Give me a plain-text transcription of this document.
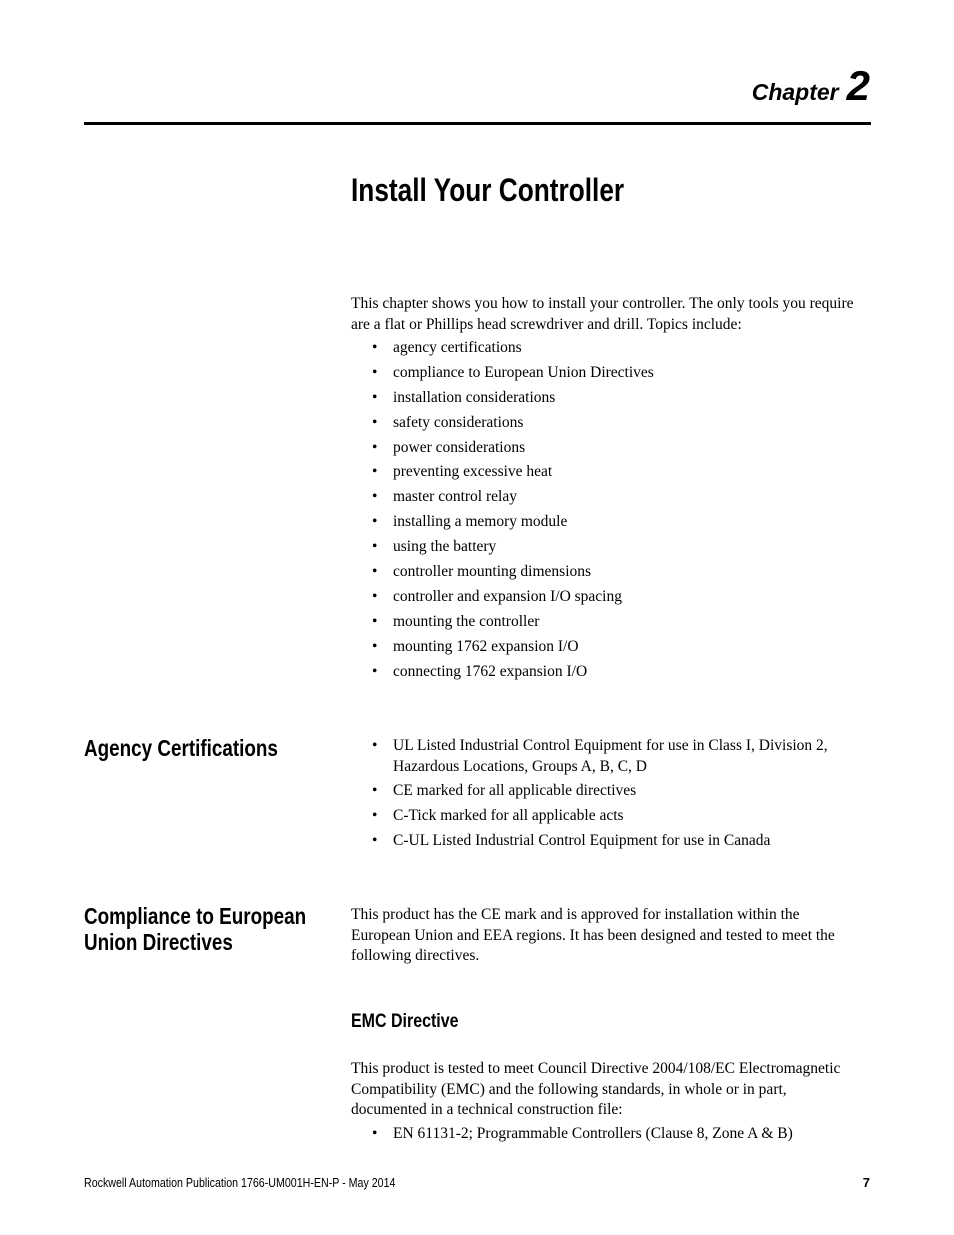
Chapter 2
Install Your Controller
This chapter shows you how to install your controller. The only tools you require
are a flat or Phillips head screwdriver and drill. Topics include:
• agency certifications
• compliance to European Union Directives
• installation considerations
• safety considerations
• power considerations
• preventing excessive heat
• master control relay
• installing a memory module
• using the battery
• controller mounting dimensions
• controller and expansion I/O spacing
• mounting the controller
• mounting 1762 expansion I/O
• connecting 1762 expansion I/O
Agency Certifications
•	UL Listed Industrial Control Equipment for use in Class I, Division 2, Hazardous Locations, Groups A, B, C, D
• CE marked for all applicable directives
• C-Tick marked for all applicable acts
• C-UL Listed Industrial Control Equipment for use in Canada
Compliance to European
Union Directives
This product has the CE mark and is approved for installation within the
European Union and EEA regions. It has been designed and tested to meet the
following directives.
EMC Directive
This product is tested to meet Council Directive 2004/108/EC Electromagnetic
Compatibility (EMC) and the following standards, in whole or in part,
documented in a technical construction file:
• EN 61131-2; Programmable Controllers (Clause 8, Zone A & B)
Rockwell Automation Publication 1766-UM001H-EN-P - May 2014	7
